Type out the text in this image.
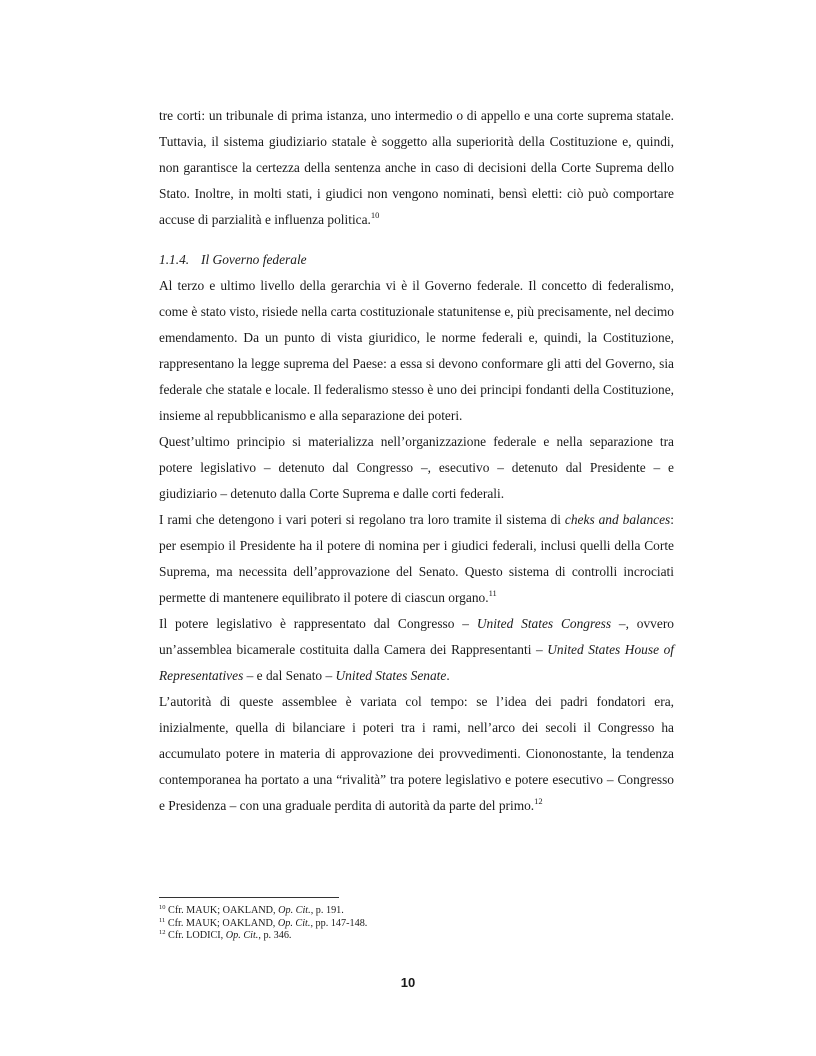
tre corti: un tribunale di prima istanza, uno intermedio o di appello e una corte suprema statale. Tuttavia, il sistema giudiziario statale è soggetto alla superiorità della Costituzione e, quindi, non garantisce la certezza della sentenza anche in caso di decisioni della Corte Suprema dello Stato. Inoltre, in molti stati, i giudici non vengono nominati, bensì eletti: ciò può comportare accuse di parzialità e influenza politica.$^{10}$

1.1.4. Il Governo federale

Al terzo e ultimo livello della gerarchia vi è il Governo federale. Il concetto di federalismo, come è stato visto, risiede nella carta costituzionale statunitense e, più precisamente, nel decimo emendamento. Da un punto di vista giuridico, le norme federali e, quindi, la Costituzione, rappresentano la legge suprema del Paese: a essa si devono conformare gli atti del Governo, sia federale che statale e locale. Il federalismo stesso è uno dei principi fondanti della Costituzione, insieme al repubblicanismo e alla separazione dei poteri.

Quest’ultimo principio si materializza nell’organizzazione federale e nella separazione tra potere legislativo – detenuto dal Congresso –, esecutivo – detenuto dal Presidente – e giudiziario – detenuto dalla Corte Suprema e dalle corti federali.

I rami che detengono i vari poteri si regolano tra loro tramite il sistema di cheks and balances: per esempio il Presidente ha il potere di nomina per i giudici federali, inclusi quelli della Corte Suprema, ma necessita dell’approvazione del Senato. Questo sistema di controlli incrociati permette di mantenere equilibrato il potere di ciascun organo.$^{11}$

Il potere legislativo è rappresentato dal Congresso – United States Congress –, ovvero un’assemblea bicamerale costituita dalla Camera dei Rappresentanti – United States House of Representatives – e dal Senato – United States Senate.

L’autorità di queste assemblee è variata col tempo: se l’idea dei padri fondatori era, inizialmente, quella di bilanciare i poteri tra i rami, nell’arco dei secoli il Congresso ha accumulato potere in materia di approvazione dei provvedimenti. Ciononostante, la tendenza contemporanea ha portato a una “rivalità” tra potere legislativo e potere esecutivo – Congresso e Presidenza – con una graduale perdita di autorità da parte del primo.$^{12}$

$^{10}$ Cfr. MAUK; OAKLAND, Op. Cit., p. 191.
$^{11}$ Cfr. MAUK; OAKLAND, Op. Cit., pp. 147-148.
$^{12}$ Cfr. LODICI, Op. Cit., p. 346.
10
